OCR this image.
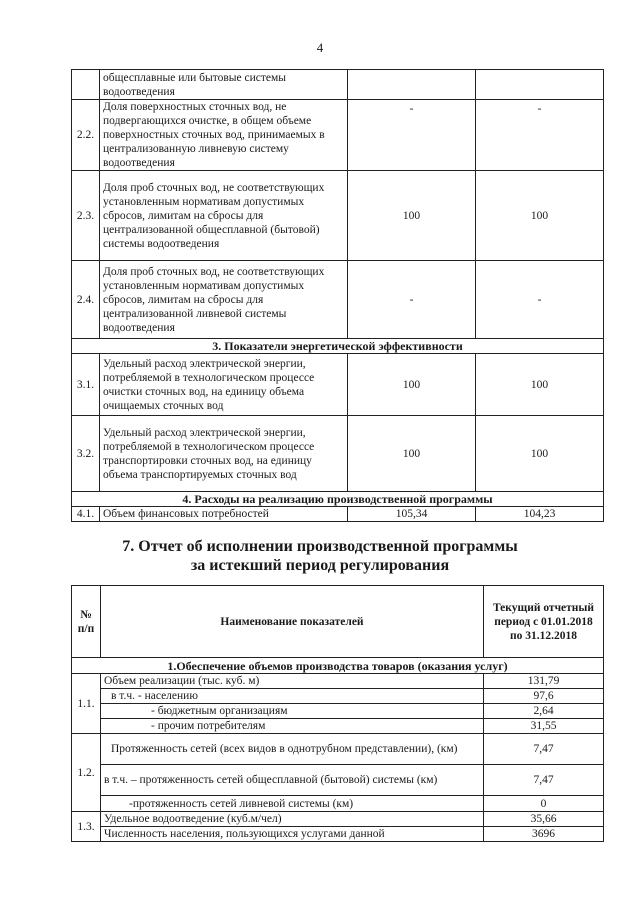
4
	общесплавные или бытовые системы водоотведения		
2.2.	Доля поверхностных сточных вод, не подвергающихся очистке, в общем объеме поверхностных сточных вод, принимаемых в централизованную ливневую систему водоотведения	-	-
2.3.	Доля проб сточных вод, не соответствующих установленным нормативам допустимых сбросов, лимитам на сбросы для централизованной общесплавной (бытовой) системы водоотведения	100	100
2.4.	Доля проб сточных вод, не соответствующих установленным нормативам допустимых сбросов, лимитам на сбросы для централизованной ливневой системы водоотведения	-	-
3. Показатели энергетической эффективности			
3.1.	Удельный расход электрической энергии, потребляемой в технологическом процессе очистки сточных вод, на единицу объема очищаемых сточных вод	100	100
3.2.	Удельный расход электрической энергии, потребляемой в технологическом процессе транспортировки сточных вод, на единицу объема транспортируемых сточных вод	100	100
4. Расходы на реализацию производственной программы			
4.1.	Объем финансовых потребностей	105,34	104,23
7. Отчет об исполнении производственной программы
за истекший период регулирования
№ п/п	Наименование показателей	Текущий отчетный период с 01.01.2018 по 31.12.2018
1.Обеспечение объемов производства товаров (оказания услуг)		
1.1.	Объем реализации (тыс. куб. м)	131,79
	в т.ч. - населению	97,6
	- бюджетным организациям	2,64
	- прочим потребителям	31,55
1.2.	Протяженность сетей (всех видов в однотрубном представлении), (км)	7,47
	в т.ч. – протяженность сетей общесплавной (бытовой) системы (км)	7,47
	-протяженность сетей ливневой системы (км)	0
1.3.	Удельное водоотведение (куб.м/чел)	35,66
	Численность населения, пользующихся услугами данной	3696
